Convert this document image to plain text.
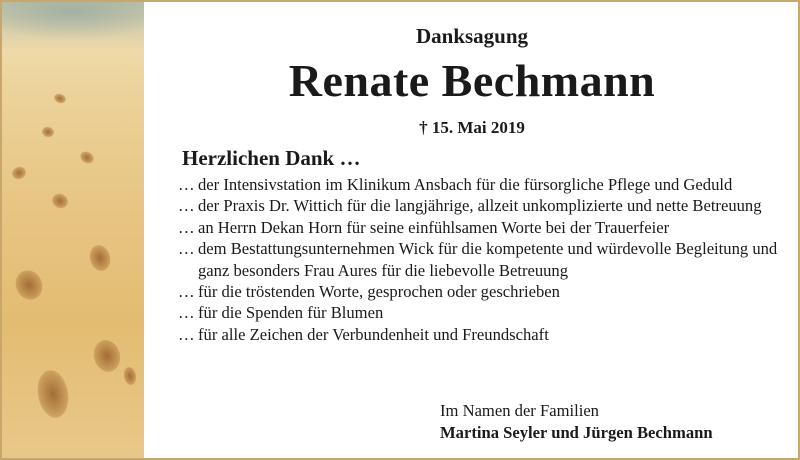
Danksagung

Renate Bechmann

† 15. Mai 2019

Herzlichen Dank …

… der Intensivstation im Klinikum Ansbach für die fürsorgliche Pflege und Geduld
… der Praxis Dr. Wittich für die langjährige, allzeit unkomplizierte und nette Betreuung
… an Herrn Dekan Horn für seine einfühlsamen Worte bei der Trauerfeier
… dem Bestattungsunternehmen Wick für die kompetente und würdevolle Begleitung und ganz besonders Frau Aures für die liebevolle Betreuung
… für die tröstenden Worte, gesprochen oder geschrieben
… für die Spenden für Blumen
… für alle Zeichen der Verbundenheit und Freundschaft
Im Namen der Familien
Martina Seyler und Jürgen Bechmann
